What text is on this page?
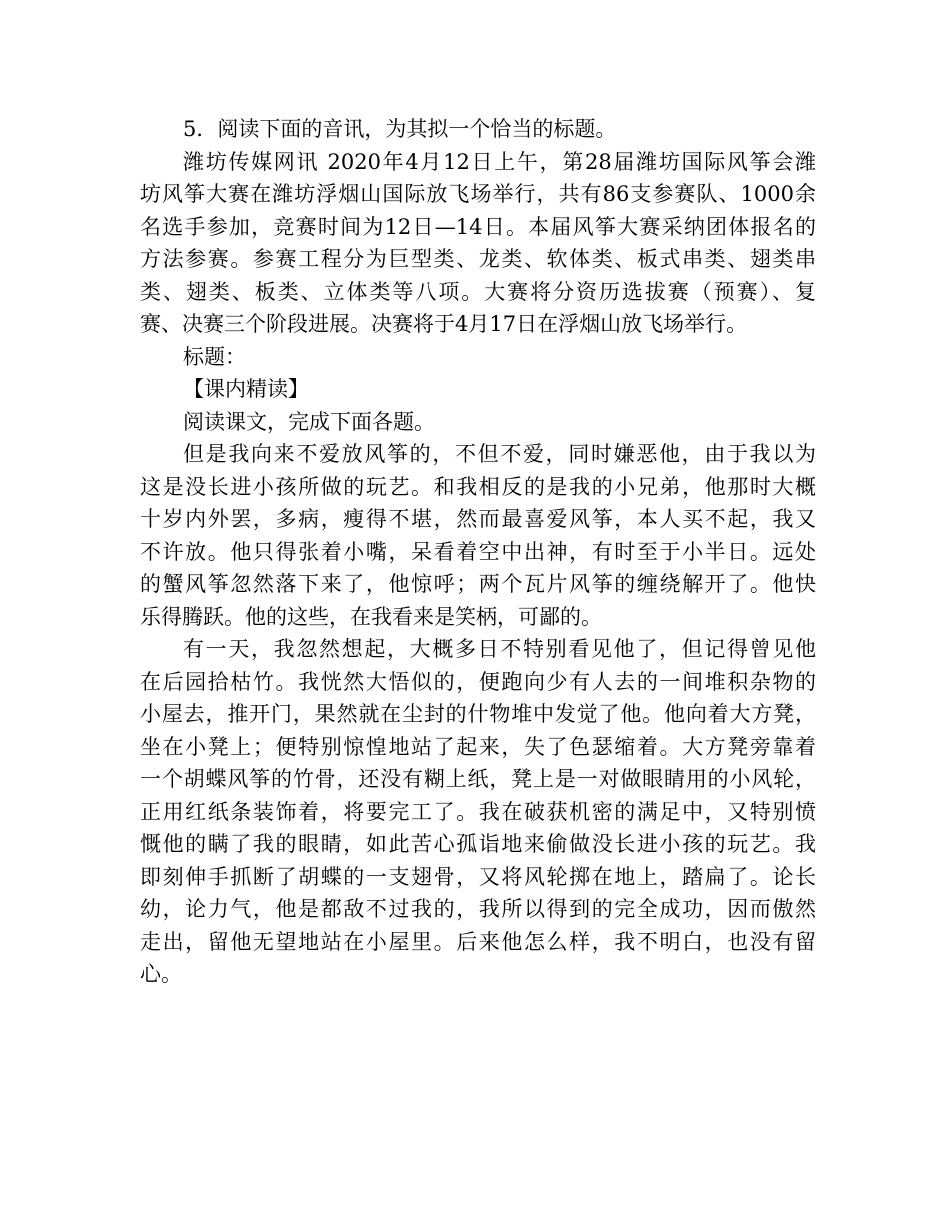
5．阅读下面的音讯，为其拟一个恰当的标题。

潍坊传媒网讯 2020年4月12日上午，第28届潍坊国际风筝会潍
坊风筝大赛在潍坊浮烟山国际放飞场举行，共有86支参赛队、1000余
名选手参加，竞赛时间为12日—14日。本届风筝大赛采纳团体报名的
方法参赛。参赛工程分为巨型类、龙类、软体类、板式串类、翅类串
类、翅类、板类、立体类等八项。大赛将分资历选拔赛（预赛）、复
赛、决赛三个阶段进展。决赛将于4月17日在浮烟山放飞场举行。

标题：

【课内精读】

阅读课文，完成下面各题。

但是我向来不爱放风筝的，不但不爱，同时嫌恶他，由于我以为
这是没长进小孩所做的玩艺。和我相反的是我的小兄弟，他那时大概
十岁内外罢，多病，瘦得不堪，然而最喜爱风筝，本人买不起，我又
不许放。他只得张着小嘴，呆看着空中出神，有时至于小半日。远处
的蟹风筝忽然落下来了，他惊呼；两个瓦片风筝的缠绕解开了。他快
乐得腾跃。他的这些，在我看来是笑柄，可鄙的。

有一天，我忽然想起，大概多日不特别看见他了，但记得曾见他
在后园拾枯竹。我恍然大悟似的，便跑向少有人去的一间堆积杂物的
小屋去，推开门，果然就在尘封的什物堆中发觉了他。他向着大方凳，
坐在小凳上；便特别惊惶地站了起来，失了色瑟缩着。大方凳旁靠着
一个胡蝶风筝的竹骨，还没有糊上纸，凳上是一对做眼睛用的小风轮，
正用红纸条装饰着，将要完工了。我在破获机密的满足中，又特别愤
慨他的瞒了我的眼睛，如此苦心孤诣地来偷做没长进小孩的玩艺。我
即刻伸手抓断了胡蝶的一支翅骨，又将风轮掷在地上，踏扁了。论长
幼，论力气，他是都敌不过我的，我所以得到的完全成功，因而傲然
走出，留他无望地站在小屋里。后来他怎么样，我不明白，也没有留
心。
